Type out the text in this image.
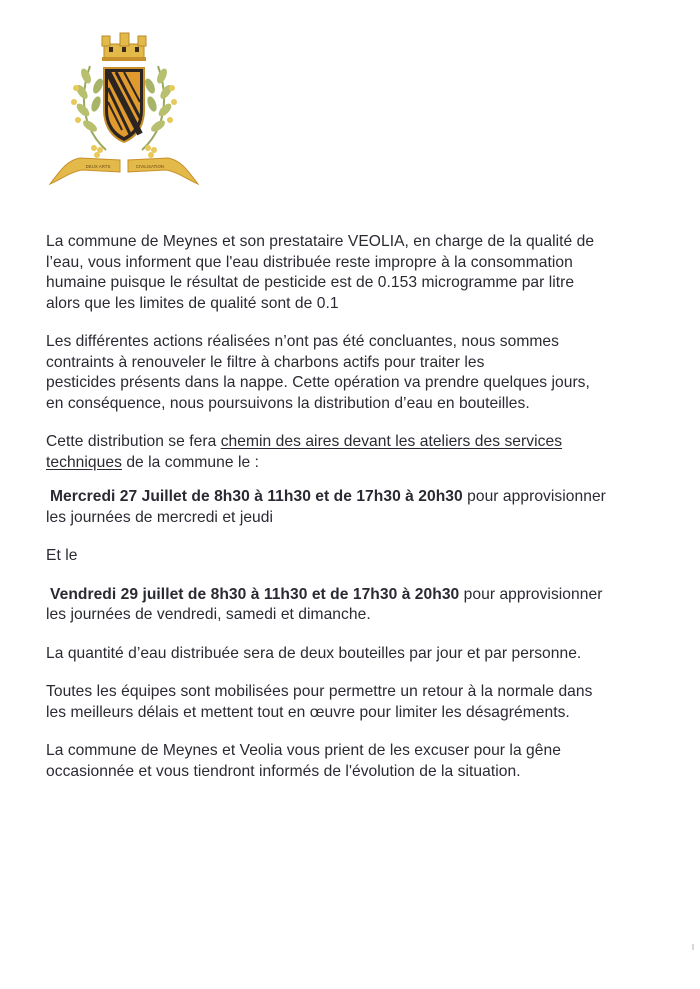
DEUX ARTS	CIVILISATION

La commune de Meynes et son prestataire VEOLIA, en charge de la qualité de
l’eau, vous informent que l'eau distribuée reste impropre à la consommation
humaine puisque le résultat de pesticide est de 0.153 microgramme par litre
alors que les limites de qualité sont de 0.1

Les différentes actions réalisées n’ont pas été concluantes, nous sommes
contraints à renouveler le filtre à charbons actifs pour traiter les
pesticides présents dans la nappe. Cette opération va prendre quelques jours,
en conséquence, nous poursuivons la distribution d’eau en bouteilles.

Cette distribution se fera chemin des aires devant les ateliers des services
techniques de la commune le :

Mercredi 27 Juillet de 8h30 à 11h30 et de 17h30 à 20h30 pour approvisionner
les journées de mercredi et jeudi

Et le

Vendredi 29 juillet de 8h30 à 11h30 et de 17h30 à 20h30 pour approvisionner
les journées de vendredi, samedi et dimanche.

La quantité d’eau distribuée sera de deux bouteilles par jour et par personne.

Toutes les équipes sont mobilisées pour permettre un retour à la normale dans
les meilleurs délais et mettent tout en œuvre pour limiter les désagréments.

La commune de Meynes et Veolia vous prient de les excuser pour la gêne
occasionnée et vous tiendront informés de l'évolution de la situation.
